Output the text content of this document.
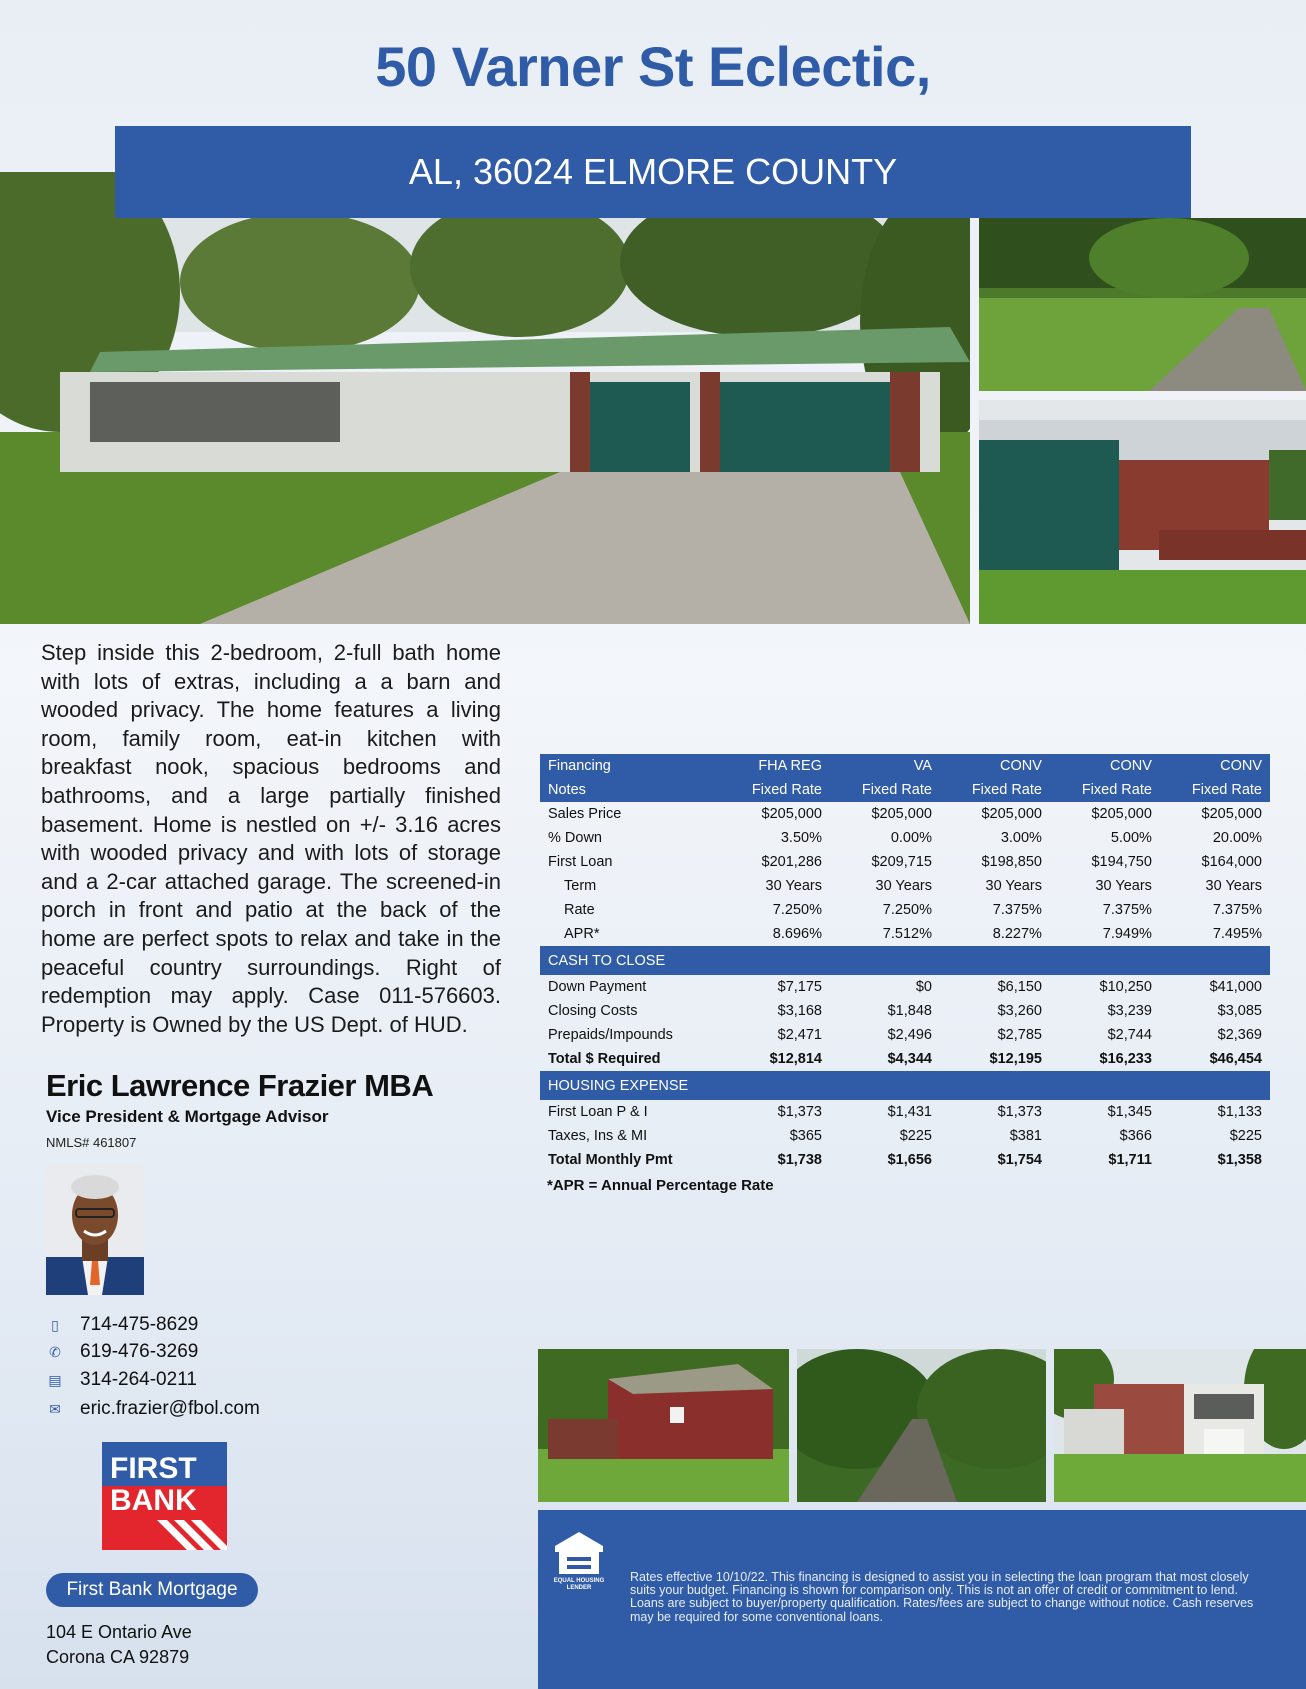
50 Varner St Eclectic,
AL, 36024 ELMORE COUNTY
Step inside this 2-bedroom, 2-full bath home with lots of extras, including a a barn and wooded privacy. The home features a living room, family room, eat-in kitchen with breakfast nook, spacious bedrooms and bathrooms, and a large partially finished basement. Home is nestled on +/- 3.16 acres with wooded privacy and with lots of storage and a 2-car attached garage. The screened-in porch in front and patio at the back of the home are perfect spots to relax and take in the peaceful country surroundings. Right of redemption may apply. Case 011-576603. Property is Owned by the US Dept. of HUD.
Eric Lawrence Frazier MBA
Vice President & Mortgage Advisor
NMLS# 461807
▯ 714-475-8629
✆ 619-476-3269
▤ 314-264-0211
✉ eric.frazier@fbol.com
FIRST
BANK
First Bank Mortgage
104 E Ontario Ave
Corona CA 92879
Financing	FHA REG	VA	CONV	CONV	CONV
Notes	Fixed Rate	Fixed Rate	Fixed Rate	Fixed Rate	Fixed Rate
Sales Price	$205,000	$205,000	$205,000	$205,000	$205,000
% Down	3.50%	0.00%	3.00%	5.00%	20.00%
First Loan	$201,286	$209,715	$198,850	$194,750	$164,000
Term	30 Years	30 Years	30 Years	30 Years	30 Years
Rate	7.250%	7.250%	7.375%	7.375%	7.375%
APR*	8.696%	7.512%	8.227%	7.949%	7.495%
CASH TO CLOSE					
Down Payment	$7,175	$0	$6,150	$10,250	$41,000
Closing Costs	$3,168	$1,848	$3,260	$3,239	$3,085
Prepaids/Impounds	$2,471	$2,496	$2,785	$2,744	$2,369
Total $ Required	$12,814	$4,344	$12,195	$16,233	$46,454
HOUSING EXPENSE					
First Loan P & I	$1,373	$1,431	$1,373	$1,345	$1,133
Taxes, Ins & MI	$365	$225	$381	$366	$225
Total Monthly Pmt	$1,738	$1,656	$1,754	$1,711	$1,358
*APR = Annual Percentage Rate
EQUAL HOUSING
LENDER
Rates effective 10/10/22. This financing is designed to assist you in selecting the loan program that most closely suits your budget. Financing is shown for comparison only. This is not an offer of credit or commitment to lend. Loans are subject to buyer/property qualification. Rates/fees are subject to change without notice. Cash reserves may be required for some conventional loans.
